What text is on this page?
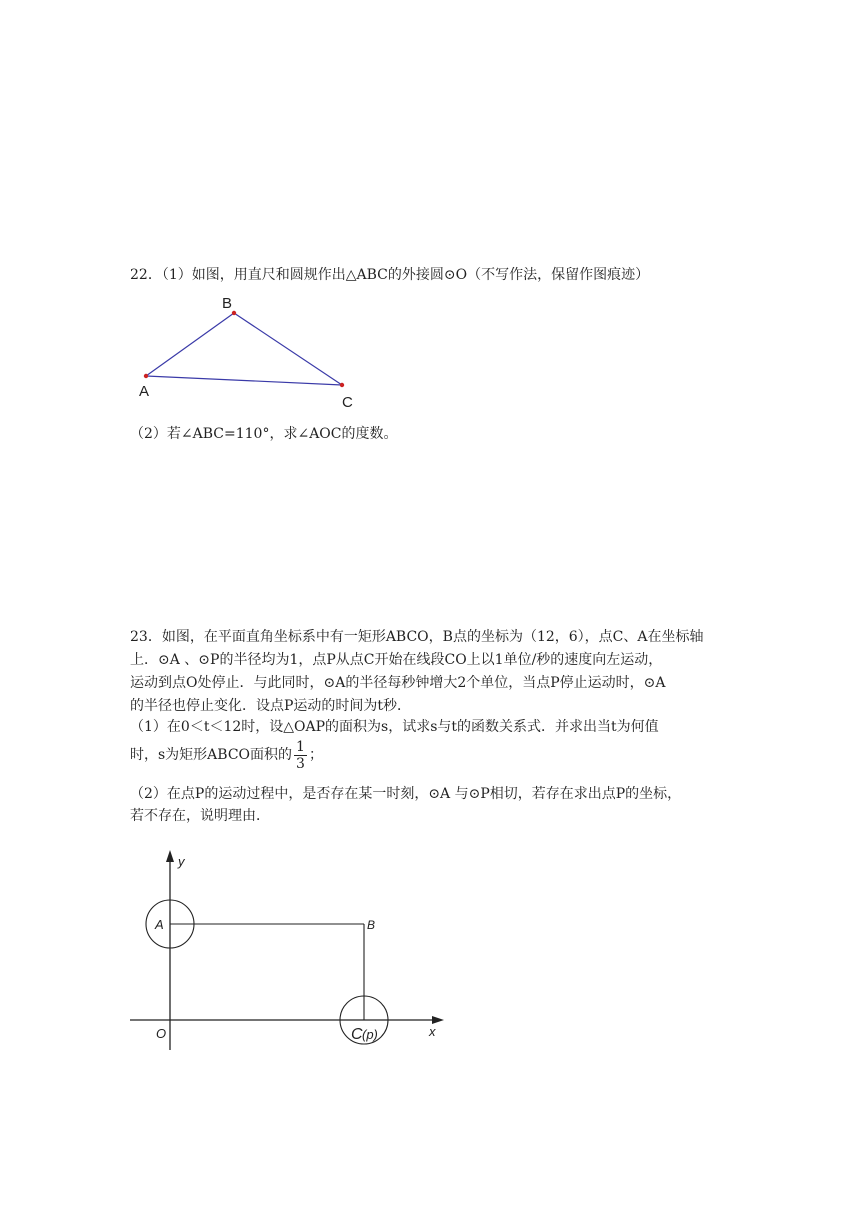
22．（1）如图，用直尺和圆规作出△ABC的外接圆⊙O（不写作法，保留作图痕迹）
B
A
C
（2）若∠ABC=110°，求∠AOC的度数。
23．如图，在平面直角坐标系中有一矩形ABCO，B点的坐标为（12，6），点C、A在坐标轴
上．⊙A 、⊙P的半径均为1，点P从点C开始在线段CO上以1单位/秒的速度向左运动，
运动到点O处停止．与此同时，⊙A的半径每秒钟增大2个单位，当点P停止运动时，⊙A
的半径也停止变化．设点P运动的时间为t秒．
（1）在0＜t＜12时，设△OAP的面积为s，试求s与t的函数关系式．并求出当t为何值
时，s为矩形ABCO面积的 $\frac{1}{3}$ ；
（2）在点P的运动过程中，是否存在某一时刻，⊙A 与⊙P相切，若存在求出点P的坐标，
若不存在，说明理由．
y
x
O
A	B
C (p)
